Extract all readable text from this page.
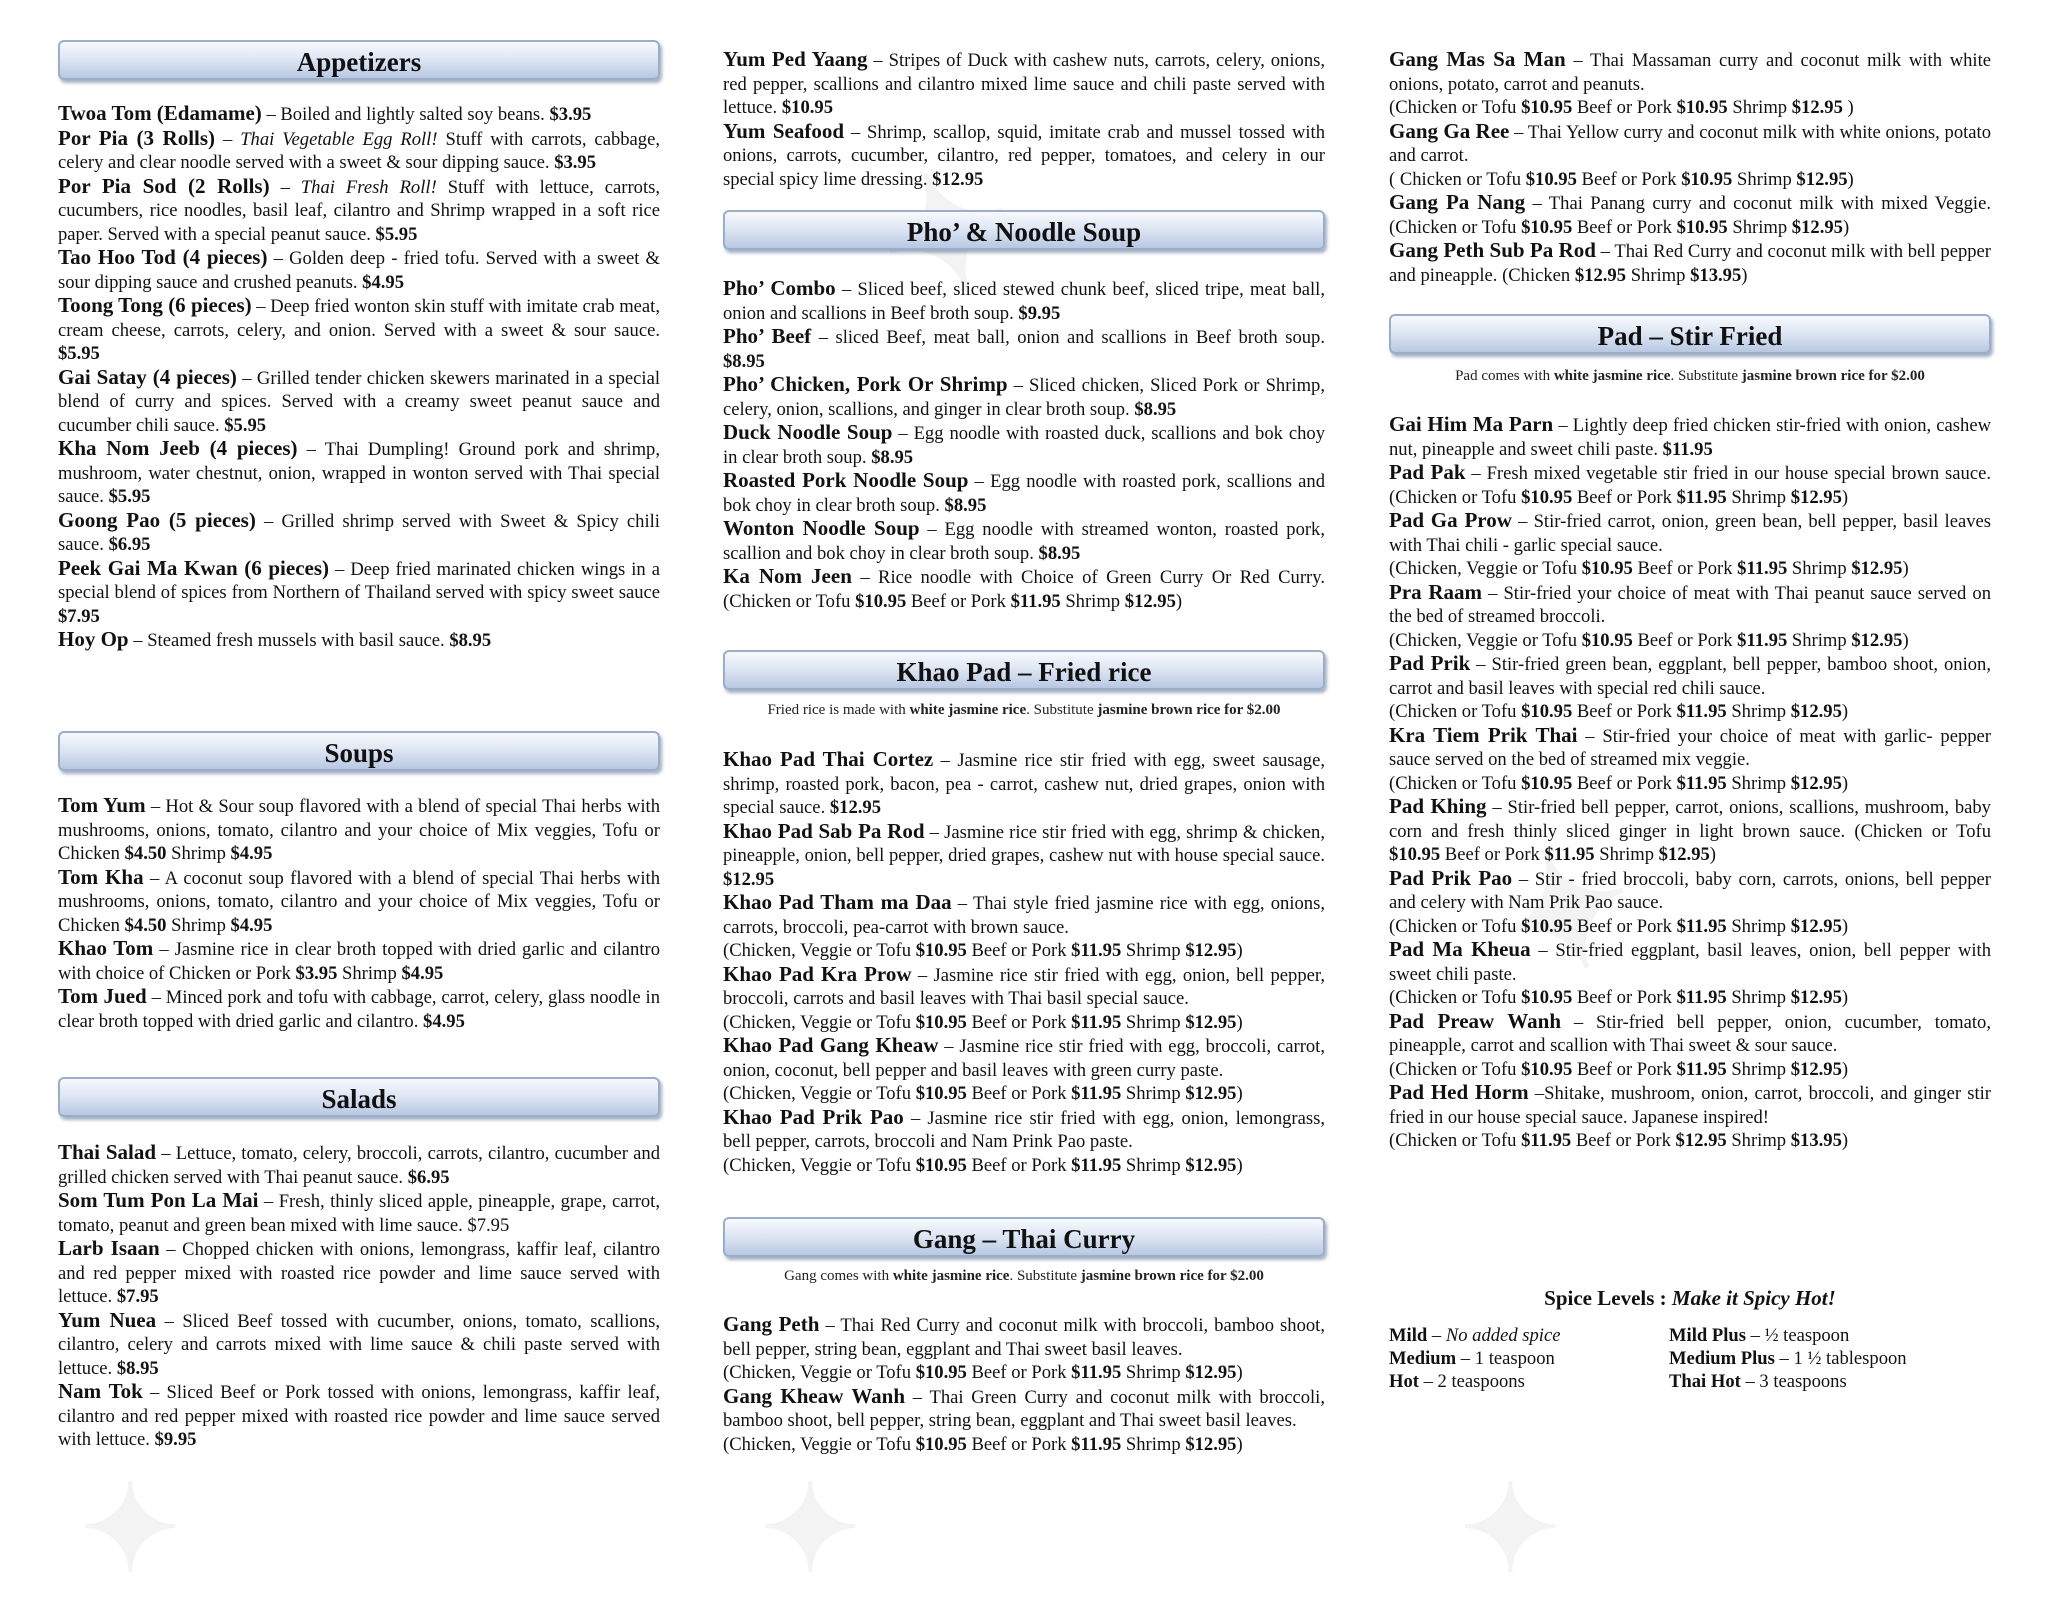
Appetizers

Twoa Tom (Edamame) – Boiled and lightly salted soy beans. $3.95

Por Pia (3 Rolls) – Thai Vegetable Egg Roll! Stuff with carrots, cabbage, celery and clear noodle served with a sweet & sour dipping sauce. $3.95

Por Pia Sod (2 Rolls) – Thai Fresh Roll! Stuff with lettuce, carrots, cucumbers, rice noodles, basil leaf, cilantro and Shrimp wrapped in a soft rice paper. Served with a special peanut sauce. $5.95

Tao Hoo Tod (4 pieces) – Golden deep - fried tofu. Served with a sweet & sour dipping sauce and crushed peanuts. $4.95

Toong Tong (6 pieces) – Deep fried wonton skin stuff with imitate crab meat, cream cheese, carrots, celery, and onion. Served with a sweet & sour sauce. $5.95

Gai Satay (4 pieces) – Grilled tender chicken skewers marinated in a special blend of curry and spices. Served with a creamy sweet peanut sauce and cucumber chili sauce. $5.95

Kha Nom Jeeb (4 pieces) – Thai Dumpling! Ground pork and shrimp, mushroom, water chestnut, onion, wrapped in wonton served with Thai special sauce. $5.95

Goong Pao (5 pieces) – Grilled shrimp served with Sweet & Spicy chili sauce. $6.95

Peek Gai Ma Kwan (6 pieces) – Deep fried marinated chicken wings in a special blend of spices from Northern of Thailand served with spicy sweet sauce $7.95

Hoy Op – Steamed fresh mussels with basil sauce. $8.95

Soups

Tom Yum – Hot & Sour soup flavored with a blend of special Thai herbs with mushrooms, onions, tomato, cilantro and your choice of Mix veggies, Tofu or Chicken $4.50 Shrimp $4.95

Tom Kha – A coconut soup flavored with a blend of special Thai herbs with mushrooms, onions, tomato, cilantro and your choice of Mix veggies, Tofu or Chicken $4.50 Shrimp $4.95

Khao Tom – Jasmine rice in clear broth topped with dried garlic and cilantro with choice of Chicken or Pork $3.95 Shrimp $4.95

Tom Jued – Minced pork and tofu with cabbage, carrot, celery, glass noodle in clear broth topped with dried garlic and cilantro. $4.95

Salads

Thai Salad – Lettuce, tomato, celery, broccoli, carrots, cilantro, cucumber and grilled chicken served with Thai peanut sauce. $6.95

Som Tum Pon La Mai – Fresh, thinly sliced apple, pineapple, grape, carrot, tomato, peanut and green bean mixed with lime sauce. $7.95

Larb Isaan – Chopped chicken with onions, lemongrass, kaffir leaf, cilantro and red pepper mixed with roasted rice powder and lime sauce served with lettuce. $7.95

Yum Nuea – Sliced Beef tossed with cucumber, onions, tomato, scallions, cilantro, celery and carrots mixed with lime sauce & chili paste served with lettuce. $8.95

Nam Tok – Sliced Beef or Pork tossed with onions, lemongrass, kaffir leaf, cilantro and red pepper mixed with roasted rice powder and lime sauce served with lettuce. $9.95

Yum Ped Yaang – Stripes of Duck with cashew nuts, carrots, celery, onions, red pepper, scallions and cilantro mixed lime sauce and chili paste served with lettuce. $10.95

Yum Seafood – Shrimp, scallop, squid, imitate crab and mussel tossed with onions, carrots, cucumber, cilantro, red pepper, tomatoes, and celery in our special spicy lime dressing. $12.95

Pho’ & Noodle Soup

Pho’ Combo – Sliced beef, sliced stewed chunk beef, sliced tripe, meat ball, onion and scallions in Beef broth soup. $9.95

Pho’ Beef – sliced Beef, meat ball, onion and scallions in Beef broth soup. $8.95

Pho’ Chicken, Pork Or Shrimp – Sliced chicken, Sliced Pork or Shrimp, celery, onion, scallions, and ginger in clear broth soup. $8.95

Duck Noodle Soup – Egg noodle with roasted duck, scallions and bok choy in clear broth soup. $8.95

Roasted Pork Noodle Soup – Egg noodle with roasted pork, scallions and bok choy in clear broth soup. $8.95

Wonton Noodle Soup – Egg noodle with streamed wonton, roasted pork, scallion and bok choy in clear broth soup. $8.95

Ka Nom Jeen – Rice noodle with Choice of Green Curry Or Red Curry. (Chicken or Tofu $10.95 Beef or Pork $11.95 Shrimp $12.95)

Khao Pad – Fried rice
Fried rice is made with white jasmine rice. Substitute jasmine brown rice for $2.00

Khao Pad Thai Cortez – Jasmine rice stir fried with egg, sweet sausage, shrimp, roasted pork, bacon, pea - carrot, cashew nut, dried grapes, onion with special sauce. $12.95

Khao Pad Sab Pa Rod – Jasmine rice stir fried with egg, shrimp & chicken, pineapple, onion, bell pepper, dried grapes, cashew nut with house special sauce. $12.95

Khao Pad Tham ma Daa – Thai style fried jasmine rice with egg, onions, carrots, broccoli, pea-carrot with brown sauce.
(Chicken, Veggie or Tofu $10.95 Beef or Pork $11.95 Shrimp $12.95)

Khao Pad Kra Prow – Jasmine rice stir fried with egg, onion, bell pepper, broccoli, carrots and basil leaves with Thai basil special sauce.
(Chicken, Veggie or Tofu $10.95 Beef or Pork $11.95 Shrimp $12.95)

Khao Pad Gang Kheaw – Jasmine rice stir fried with egg, broccoli, carrot, onion, coconut, bell pepper and basil leaves with green curry paste.
(Chicken, Veggie or Tofu $10.95 Beef or Pork $11.95 Shrimp $12.95)

Khao Pad Prik Pao – Jasmine rice stir fried with egg, onion, lemongrass, bell pepper, carrots, broccoli and Nam Prink Pao paste.
(Chicken, Veggie or Tofu $10.95 Beef or Pork $11.95 Shrimp $12.95)

Gang – Thai Curry
Gang comes with white jasmine rice. Substitute jasmine brown rice for $2.00

Gang Peth – Thai Red Curry and coconut milk with broccoli, bamboo shoot, bell pepper, string bean, eggplant and Thai sweet basil leaves.
(Chicken, Veggie or Tofu $10.95 Beef or Pork $11.95 Shrimp $12.95)

Gang Kheaw Wanh – Thai Green Curry and coconut milk with broccoli, bamboo shoot, bell pepper, string bean, eggplant and Thai sweet basil leaves.
(Chicken, Veggie or Tofu $10.95 Beef or Pork $11.95 Shrimp $12.95)

Gang Mas Sa Man – Thai Massaman curry and coconut milk with white onions, potato, carrot and peanuts.
(Chicken or Tofu $10.95 Beef or Pork $10.95 Shrimp $12.95 )

Gang Ga Ree – Thai Yellow curry and coconut milk with white onions, potato and carrot.
( Chicken or Tofu $10.95 Beef or Pork $10.95 Shrimp $12.95)

Gang Pa Nang – Thai Panang curry and coconut milk with mixed Veggie. (Chicken or Tofu $10.95 Beef or Pork $10.95 Shrimp $12.95)

Gang Peth Sub Pa Rod – Thai Red Curry and coconut milk with bell pepper and pineapple. (Chicken $12.95 Shrimp $13.95)

Pad – Stir Fried
Pad comes with white jasmine rice. Substitute jasmine brown rice for $2.00

Gai Him Ma Parn – Lightly deep fried chicken stir-fried with onion, cashew nut, pineapple and sweet chili paste. $11.95

Pad Pak – Fresh mixed vegetable stir fried in our house special brown sauce. (Chicken or Tofu $10.95 Beef or Pork $11.95 Shrimp $12.95)

Pad Ga Prow – Stir-fried carrot, onion, green bean, bell pepper, basil leaves with Thai chili - garlic special sauce.
(Chicken, Veggie or Tofu $10.95 Beef or Pork $11.95 Shrimp $12.95)

Pra Raam – Stir-fried your choice of meat with Thai peanut sauce served on the bed of streamed broccoli.
(Chicken, Veggie or Tofu $10.95 Beef or Pork $11.95 Shrimp $12.95)

Pad Prik – Stir-fried green bean, eggplant, bell pepper, bamboo shoot, onion, carrot and basil leaves with special red chili sauce.
(Chicken or Tofu $10.95 Beef or Pork $11.95 Shrimp $12.95)

Kra Tiem Prik Thai – Stir-fried your choice of meat with garlic- pepper sauce served on the bed of streamed mix veggie.
(Chicken or Tofu $10.95 Beef or Pork $11.95 Shrimp $12.95)

Pad Khing – Stir-fried bell pepper, carrot, onions, scallions, mushroom, baby corn and fresh thinly sliced ginger in light brown sauce. (Chicken or Tofu $10.95 Beef or Pork $11.95 Shrimp $12.95)

Pad Prik Pao – Stir - fried broccoli, baby corn, carrots, onions, bell pepper and celery with Nam Prik Pao sauce.
(Chicken or Tofu $10.95 Beef or Pork $11.95 Shrimp $12.95)

Pad Ma Kheua – Stir-fried eggplant, basil leaves, onion, bell pepper with sweet chili paste.
(Chicken or Tofu $10.95 Beef or Pork $11.95 Shrimp $12.95)

Pad Preaw Wanh – Stir-fried bell pepper, onion, cucumber, tomato, pineapple, carrot and scallion with Thai sweet & sour sauce.
(Chicken or Tofu $10.95 Beef or Pork $11.95 Shrimp $12.95)

Pad Hed Horm –Shitake, mushroom, onion, carrot, broccoli, and ginger stir fried in our house special sauce. Japanese inspired!
(Chicken or Tofu $11.95 Beef or Pork $12.95 Shrimp $13.95)

Spice Levels : Make it Spicy Hot!
Mild – No added spice	Mild Plus – ½ teaspoon
Medium – 1 teaspoon	Medium Plus – 1 ½ tablespoon
Hot – 2 teaspoons	Thai Hot – 3 teaspoons
